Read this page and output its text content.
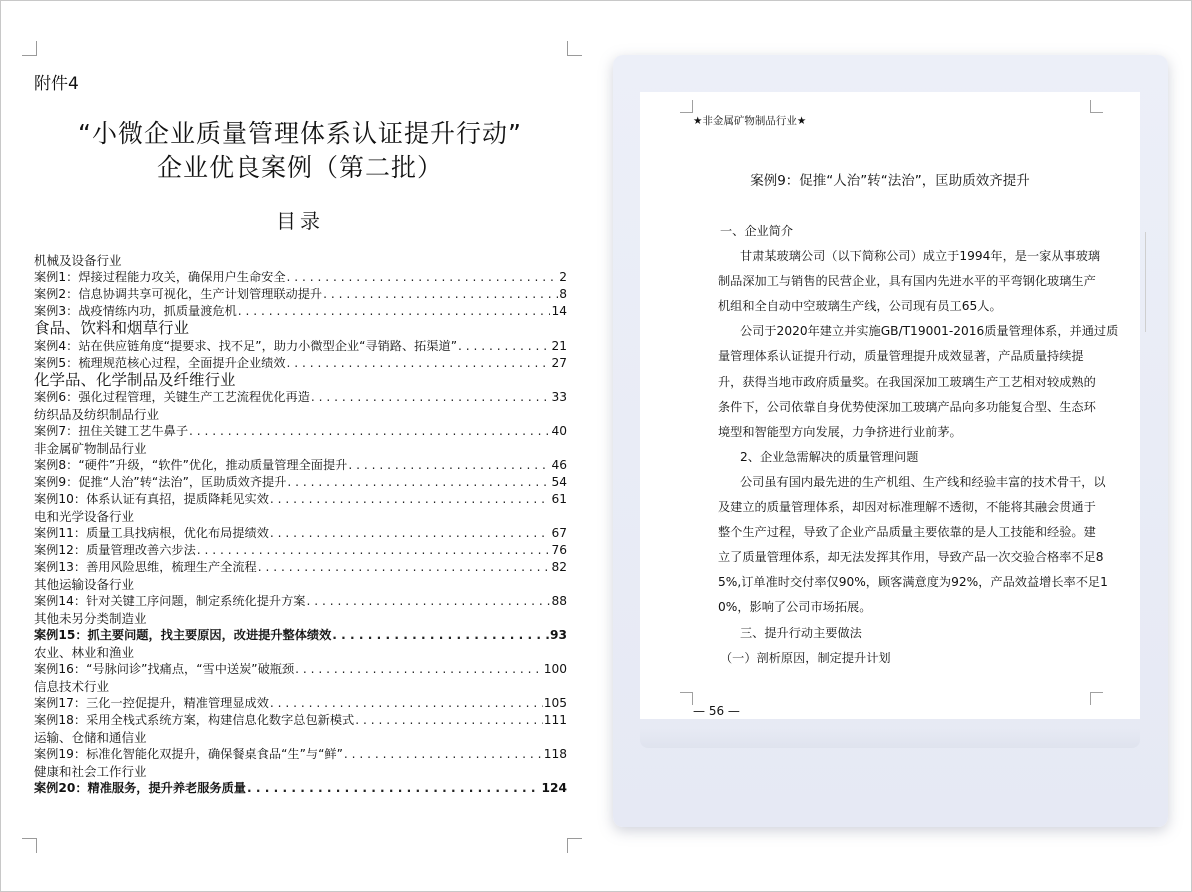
附件4
“小微企业质量管理体系认证提升行动”
企业优良案例（第二批）
目录
机械及设备行业
案例1：焊接过程能力攻关，确保用户生命安全 . . .	2
案例2：信息协调共享可视化，生产计划管理联动提升 . . .	8
案例3：战疫情练内功，抓质量渡危机 . . .	14
食品、饮料和烟草行业
案例4：站在供应链角度“提要求、找不足”，助力小微型企业“寻销路、拓渠道” . . .	21
案例5：梳理规范核心过程，全面提升企业绩效 . . .	27
化学品、化学制品及纤维行业
案例6：强化过程管理，关键生产工艺流程优化再造 . . .	33
纺织品及纺织制品行业
案例7：扭住关键工艺牛鼻子 . . .	40
非金属矿物制品行业
案例8：“硬件”升级，“软件”优化，推动质量管理全面提升 . . .	46
案例9：促推“人治”转“法治”，匡助质效齐提升 . . .	54
案例10：体系认证有真招，提质降耗见实效 . . .	61
电和光学设备行业
案例11：质量工具找病根，优化布局提绩效 . . .	67
案例12：质量管理改善六步法 . . .	76
案例13：善用风险思维，梳理生产全流程 . . .	82
其他运输设备行业
案例14：针对关键工序问题，制定系统化提升方案 . . .	88
其他未另分类制造业
案例15：抓主要问题，找主要原因，改进提升整体绩效 . . .	93
农业、林业和渔业
案例16：“号脉问诊”找痛点，“雪中送炭”破瓶颈 . . .	100
信息技术行业
案例17：三化一控促提升，精准管理显成效 . . .	105
案例18：采用全栈式系统方案，构建信息化数字总包新模式 . . .	111
运输、仓储和通信业
案例19：标准化智能化双提升，确保餐桌食品“生”与“鲜” . . .	118
健康和社会工作行业
案例20：精准服务，提升养老服务质量 . . .	124
★非金属矿物制品行业★
案例9：促推“人治”转“法治”，匡助质效齐提升
一、企业简介
甘肃某玻璃公司（以下简称公司）成立于1994年，是一家从事玻璃
制品深加工与销售的民营企业，具有国内先进水平的平弯钢化玻璃生产
机组和全自动中空玻璃生产线，公司现有员工65人。
公司于2020年建立并实施GB/T19001-2016质量管理体系，并通过质
量管理体系认证提升行动，质量管理提升成效显著，产品质量持续提
升，获得当地市政府质量奖。在我国深加工玻璃生产工艺相对较成熟的
条件下，公司依靠自身优势使深加工玻璃产品向多功能复合型、生态环
境型和智能型方向发展，力争挤进行业前茅。
2、企业急需解决的质量管理问题
公司虽有国内最先进的生产机组、生产线和经验丰富的技术骨干，以
及建立的质量管理体系，却因对标准理解不透彻，不能将其融会贯通于
整个生产过程，导致了企业产品质量主要依靠的是人工技能和经验。建
立了质量管理体系，却无法发挥其作用，导致产品一次交验合格率不足8
5%,订单准时交付率仅90%，顾客满意度为92%，产品效益增长率不足1
0%，影响了公司市场拓展。
三、提升行动主要做法
（一）剖析原因，制定提升计划
— 56 —
